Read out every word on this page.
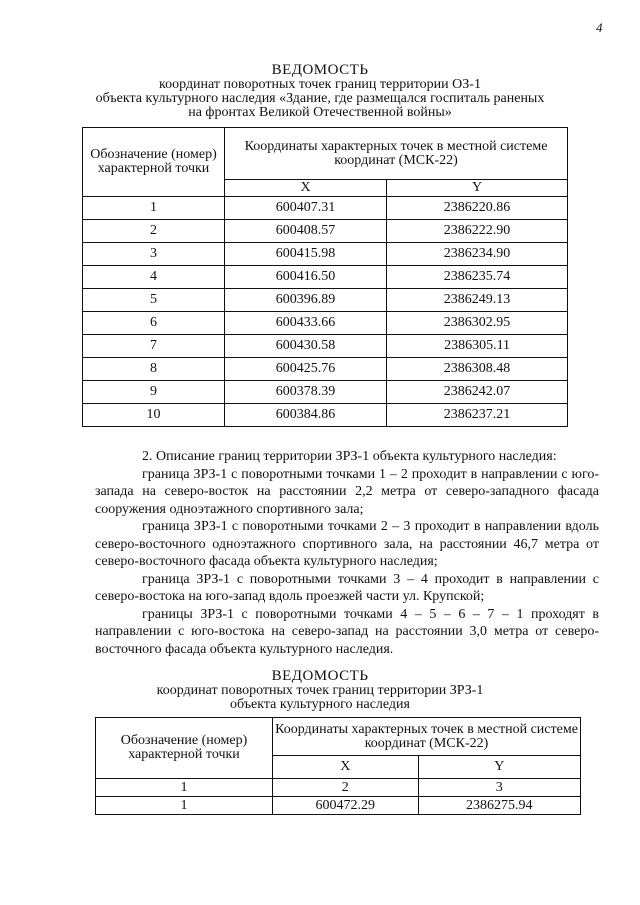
4
ВЕДОМОСТЬ
координат поворотных точек границ территории ОЗ-1
объекта культурного наследия «Здание, где размещался госпиталь раненых
на фронтах Великой Отечественной войны»
Обозначение (номер) характерной точки	Координаты характерных точек в местной системе координат (МСК-22)	
	X	Y
1	600407.31	2386220.86
2	600408.57	2386222.90
3	600415.98	2386234.90
4	600416.50	2386235.74
5	600396.89	2386249.13
6	600433.66	2386302.95
7	600430.58	2386305.11
8	600425.76	2386308.48
9	600378.39	2386242.07
10	600384.86	2386237.21

2. Описание границ территории ЗРЗ-1 объекта культурного наследия:

граница ЗРЗ-1 с поворотными точками 1 – 2 проходит в направлении с юго-запада на северо-восток на расстоянии 2,2 метра от северо-западного фасада сооружения одноэтажного спортивного зала;

граница ЗРЗ-1 с поворотными точками 2 – 3 проходит в направлении вдоль северо-восточного одноэтажного спортивного зала, на расстоянии 46,7 метра от северо-восточного фасада объекта культурного наследия;

граница ЗРЗ-1 с поворотными точками 3 – 4 проходит в направлении с северо-востока на юго-запад вдоль проезжей части ул. Крупской;

границы ЗРЗ-1 с поворотными точками 4 – 5 – 6 – 7 – 1 проходят в направлении с юго-востока на северо-запад на расстоянии 3,0 метра от северо-восточного фасада объекта культурного наследия.

ВЕДОМОСТЬ
координат поворотных точек границ территории ЗРЗ-1
объекта культурного наследия
Обозначение (номер) характерной точки	Координаты характерных точек в местной системе координат (МСК-22)	
	X	Y
1	2	3
1	600472.29	2386275.94
